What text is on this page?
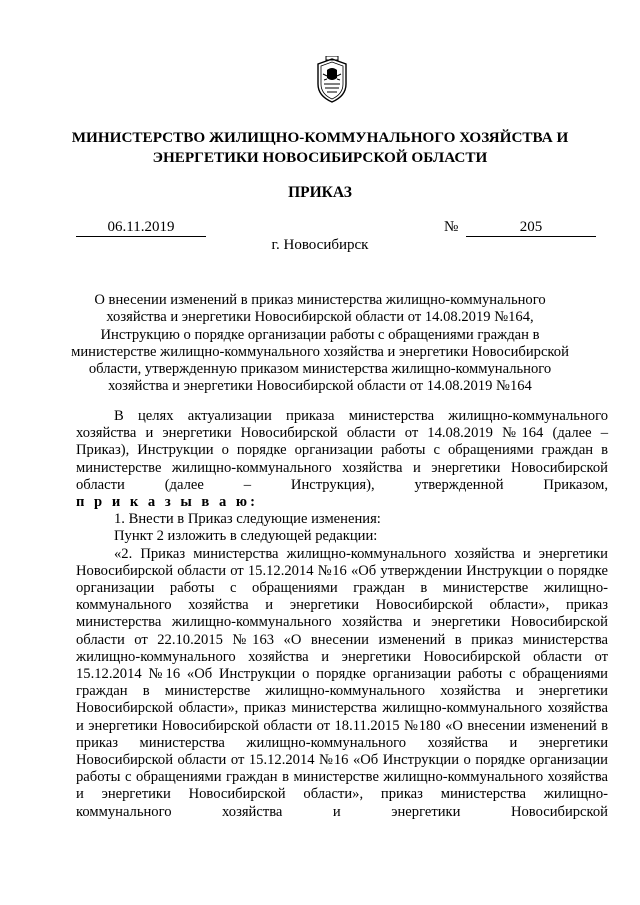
МИНИСТЕРСТВО ЖИЛИЩНО-КОММУНАЛЬНОГО ХОЗЯЙСТВА И
ЭНЕРГЕТИКИ НОВОСИБИРСКОЙ ОБЛАСТИ
ПРИКАЗ
06.11.2019	№	205
г. Новосибирск
О внесении изменений в приказ министерства жилищно-коммунального
хозяйства и энергетики Новосибирской области от 14.08.2019 №164,
Инструкцию о порядке организации работы с обращениями граждан в
министерстве жилищно-коммунального хозяйства и энергетики Новосибирской
области, утвержденную приказом министерства жилищно-коммунального
хозяйства и энергетики Новосибирской области от 14.08.2019 №164

В целях актуализации приказа министерства жилищно-коммунального хозяйства и энергетики Новосибирской области от 14.08.2019 №164 (далее – Приказ), Инструкции о порядке организации работы с обращениями граждан в министерстве жилищно-коммунального хозяйства и энергетики Новосибирской области (далее – Инструкция), утвержденной Приказом,

п р и к а з ы в а ю:

1. Внести в Приказ следующие изменения:

Пункт 2 изложить в следующей редакции:

«2. Приказ министерства жилищно-коммунального хозяйства и энергетики Новосибирской области от 15.12.2014 №16 «Об утверждении Инструкции о порядке организации работы с обращениями граждан в министерстве жилищно-коммунального хозяйства и энергетики Новосибирской области», приказ министерства жилищно-коммунального хозяйства и энергетики Новосибирской области от 22.10.2015 №163 «О внесении изменений в приказ министерства жилищно-коммунального хозяйства и энергетики Новосибирской области от 15.12.2014 №16 «Об Инструкции о порядке организации работы с обращениями граждан в министерстве жилищно-коммунального хозяйства и энергетики Новосибирской области», приказ министерства жилищно-коммунального хозяйства и энергетики Новосибирской области от 18.11.2015 №180 «О внесении изменений в приказ министерства жилищно-коммунального хозяйства и энергетики Новосибирской области от 15.12.2014 №16 «Об Инструкции о порядке организации работы с обращениями граждан в министерстве жилищно-коммунального хозяйства и энергетики Новосибирской области», приказ министерства жилищно-коммунального хозяйства и энергетики Новосибирской
